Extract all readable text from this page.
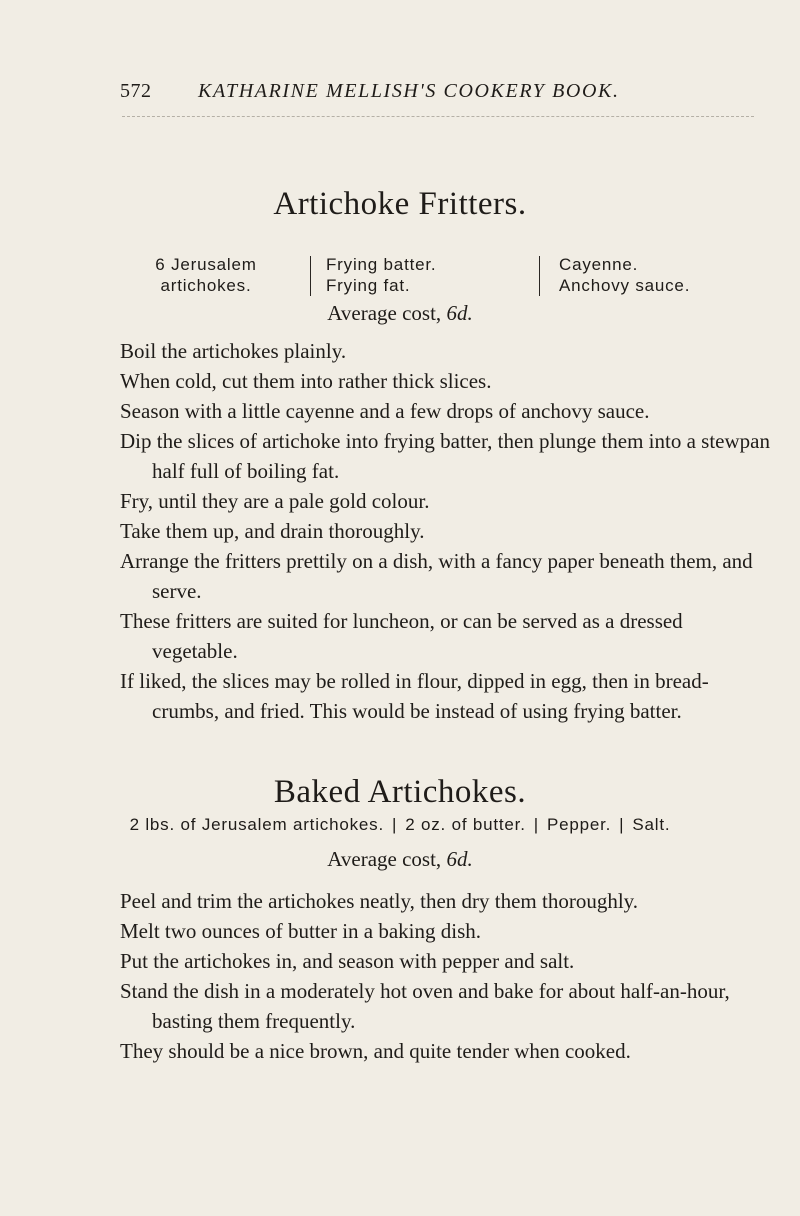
572 KATHARINE MELLISH'S COOKERY BOOK.
Artichoke Fritters.
6 Jerusalem
artichokes.
Frying batter.
Frying fat.
Cayenne.
Anchovy sauce.
Average cost, 6d.
Boil the artichokes plainly.
When cold, cut them into rather thick slices.
Season with a little cayenne and a few drops of anchovy sauce.
Dip the slices of artichoke into frying batter, then plunge them into a stewpan half full of boiling fat.
Fry, until they are a pale gold colour.
Take them up, and drain thoroughly.
Arrange the fritters prettily on a dish, with a fancy paper beneath them, and serve.
These fritters are suited for luncheon, or can be served as a dressed vegetable.
If liked, the slices may be rolled in flour, dipped in egg, then in bread-crumbs, and fried. This would be instead of using frying batter.
Baked Artichokes.
2 lbs. of Jerusalem artichokes. | 2 oz. of butter. | Pepper. | Salt.
Average cost, 6d.
Peel and trim the artichokes neatly, then dry them thoroughly.
Melt two ounces of butter in a baking dish.
Put the artichokes in, and season with pepper and salt.
Stand the dish in a moderately hot oven and bake for about half-an-hour, basting them frequently.
They should be a nice brown, and quite tender when cooked.
